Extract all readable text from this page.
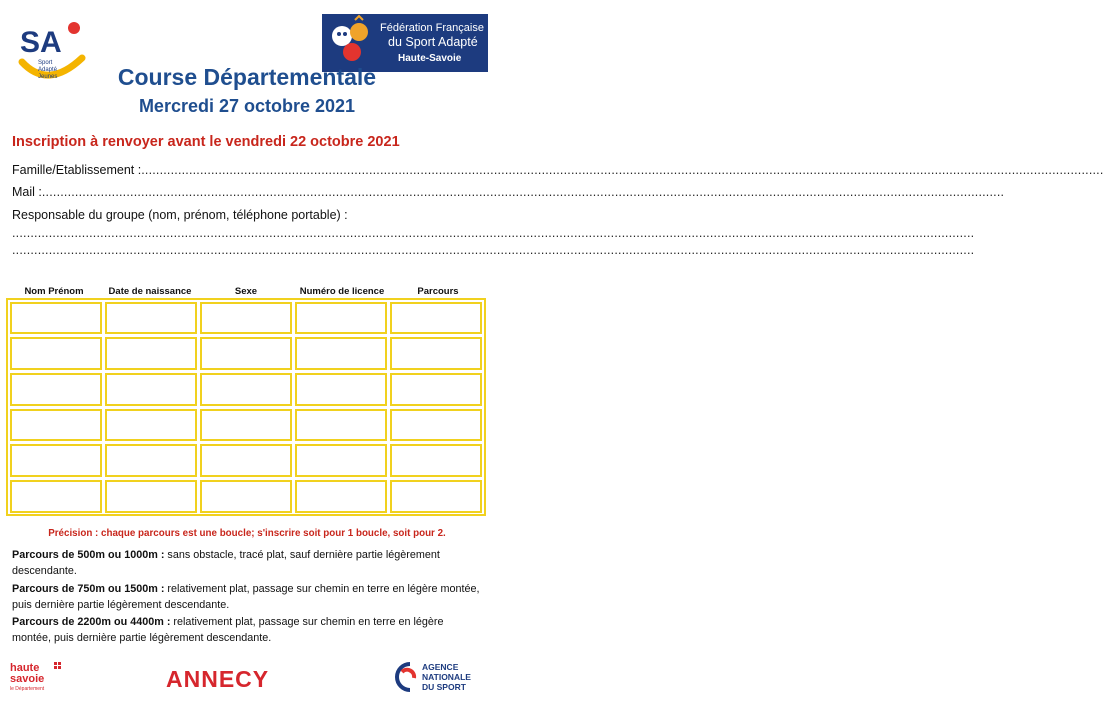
SA
Sport
Adapté
Jeunes
Fédération Française
du Sport Adapté
Haute-Savoie
Course Départementale
Mercredi 27 octobre 2021
Inscription à renvoyer avant le vendredi 22 octobre 2021
Famille/Etablissement :......................................................................................................................................................................................................................................................................
Mail :......................................................................................................................................................................................................................................................................
Responsable du groupe (nom, prénom, téléphone portable) :
......................................................................................................................................................................................................................................................................
......................................................................................................................................................................................................................................................................
Nom Prénom	Date de naissance	Sexe	Numéro de licence	Parcours
Précision : chaque parcours est une boucle; s'inscrire soit pour 1 boucle, soit pour 2.
Parcours de 500m ou 1000m : sans obstacle, tracé plat, sauf dernière partie légèrement descendante.
Parcours de 750m ou 1500m : relativement plat, passage sur chemin en terre en légère montée, puis dernière partie légèrement descendante.
Parcours de 2200m ou 4400m : relativement plat, passage sur chemin en terre en légère montée, puis dernière partie légèrement descendante.
haute
savoie
le Département	ANNECY	AGENCE
NATIONALE
DU SPORT
